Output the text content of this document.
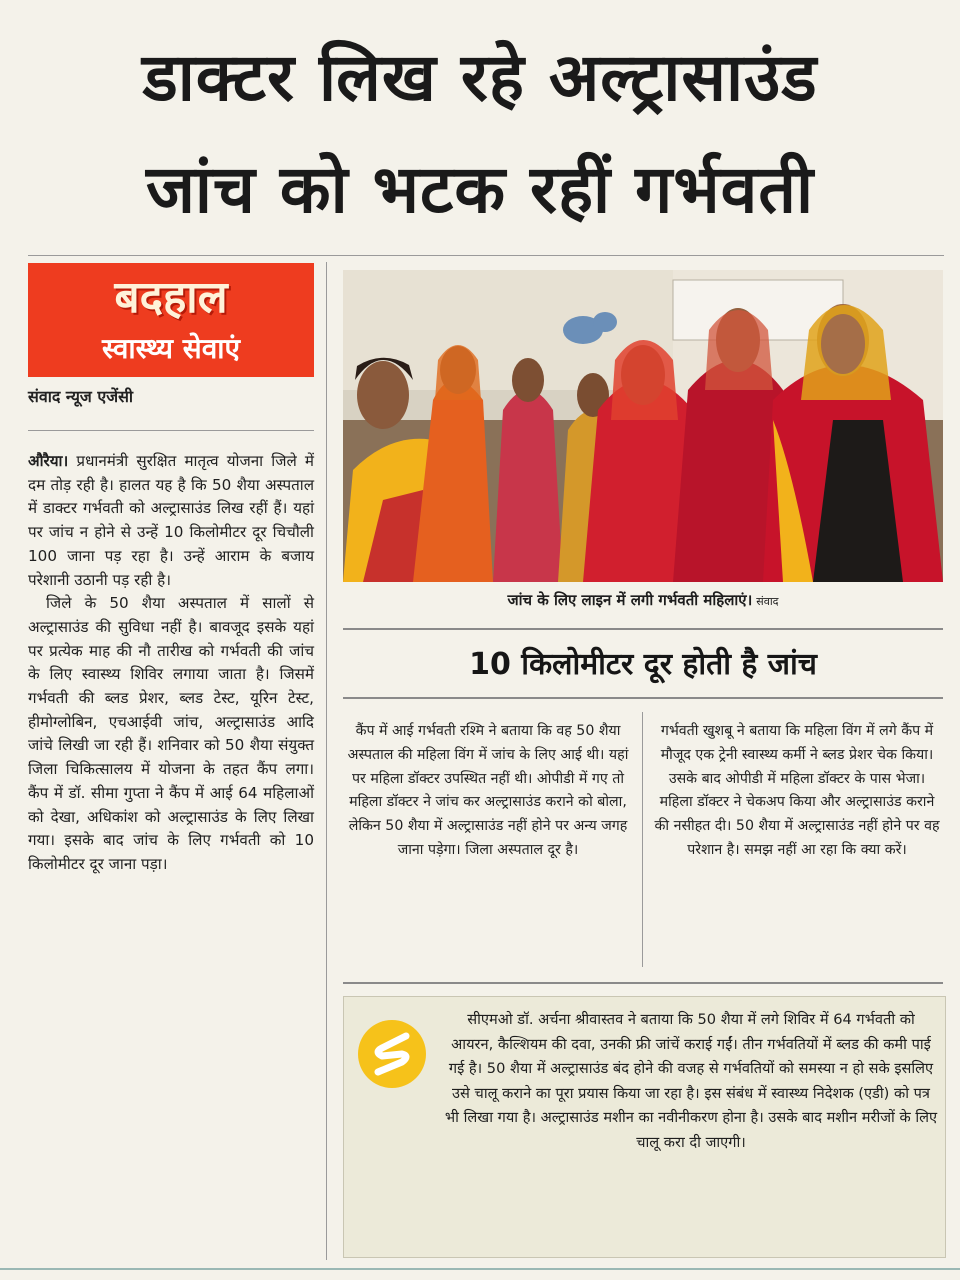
डाक्टर लिख रहे अल्ट्रासाउंड
जांच को भटक रहीं गर्भवती
बदहाल
स्वास्थ्य सेवाएं
संवाद न्यूज एजेंसी

औरैया। प्रधानमंत्री सुरक्षित मातृत्व योजना जिले में दम तोड़ रही है। हालत यह है कि 50 शैया अस्पताल में डाक्टर गर्भवती को अल्ट्रासाउंड लिख रहीं हैं। यहां पर जांच न होने से उन्हें 10 किलोमीटर दूर चिचौली 100 जाना पड़ रहा है। उन्हें आराम के बजाय परेशानी उठानी पड़ रही है।

जिले के 50 शैया अस्पताल में सालों से अल्ट्रासाउंड की सुविधा नहीं है। बावजूद इसके यहां पर प्रत्येक माह की नौ तारीख को गर्भवती की जांच के लिए स्वास्थ्य शिविर लगाया जाता है। जिसमें गर्भवती की ब्लड प्रेशर, ब्लड टेस्ट, यूरिन टेस्ट, हीमोग्लोबिन, एचआईवी जांच, अल्ट्रासाउंड आदि जांचे लिखी जा रही हैं। शनिवार को 50 शैया संयुक्त जिला चिकित्सालय में योजना के तहत कैंप लगा। कैंप में डॉ. सीमा गुप्ता ने कैंप में आई 64 महिलाओं को देखा, अधिकांश को अल्ट्रासाउंड के लिए लिखा गया। इसके बाद जांच के लिए गर्भवती को 10 किलोमीटर दूर जाना पड़ा।

जांच के लिए लाइन में लगी गर्भवती महिलाएं। संवाद
10 किलोमीटर दूर होती है जांच
कैंप में आई गर्भवती रश्मि ने बताया कि वह 50 शैया अस्पताल की महिला विंग में जांच के लिए आई थी। यहां पर महिला डॉक्टर उपस्थित नहीं थी। ओपीडी में गए तो महिला डॉक्टर ने जांच कर अल्ट्रासाउंड कराने को बोला, लेकिन 50 शैया में अल्ट्रासाउंड नहीं होने पर अन्य जगह जाना पड़ेगा। जिला अस्पताल दूर है।
गर्भवती खुशबू ने बताया कि महिला विंग में लगे कैंप में मौजूद एक ट्रेनी स्वास्थ्य कर्मी ने ब्लड प्रेशर चेक किया। उसके बाद ओपीडी में महिला डॉक्टर के पास भेजा। महिला डॉक्टर ने चेकअप किया और अल्ट्रासाउंड कराने की नसीहत दी। 50 शैया में अल्ट्रासाउंड नहीं होने पर वह परेशान है। समझ नहीं आ रहा कि क्या करें।
सीएमओ डॉ. अर्चना श्रीवास्तव ने बताया कि 50 शैया में लगे शिविर में 64 गर्भवती को आयरन, कैल्शियम की दवा, उनकी फ्री जांचें कराई गईं। तीन गर्भवतियों में ब्लड की कमी पाई गई है। 50 शैया में अल्ट्रासाउंड बंद होने की वजह से गर्भवतियों को समस्या न हो सके इसलिए उसे चालू कराने का पूरा प्रयास किया जा रहा है। इस संबंध में स्वास्थ्य निदेशक (एडी) को पत्र भी लिखा गया है। अल्ट्रासाउंड मशीन का नवीनीकरण होना है। उसके बाद मशीन मरीजों के लिए चालू करा दी जाएगी।
